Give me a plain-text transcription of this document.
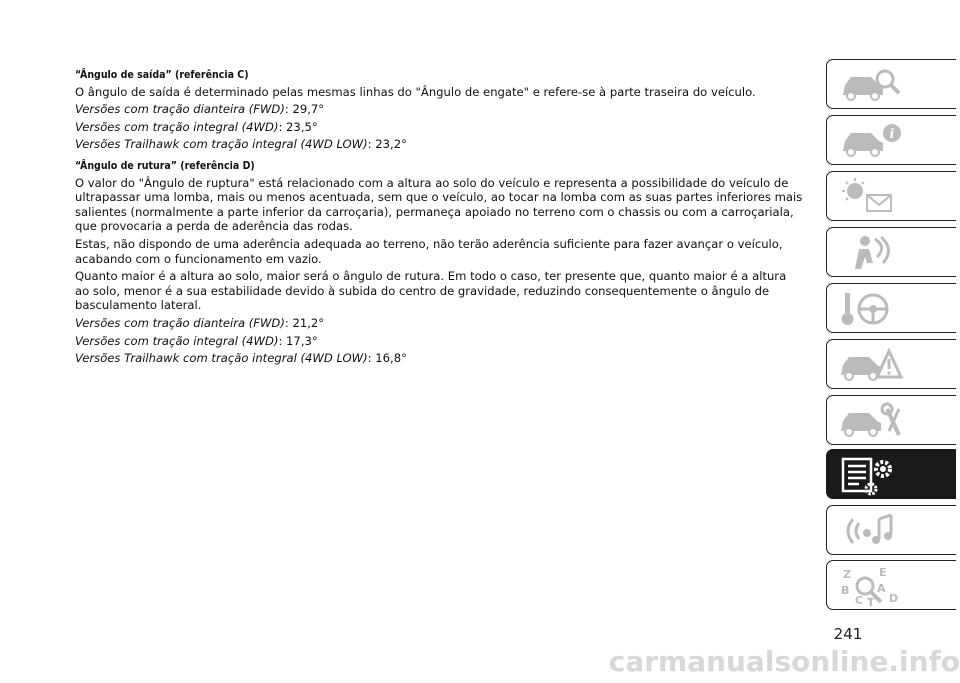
“Ângulo de saída” (referência C)
O ângulo de saída é determinado pelas mesmas linhas do "Ângulo de engate" e refere-se à parte traseira do veículo.
Versões com tração dianteira (FWD): 29,7°
Versões com tração integral (4WD): 23,5°
Versões Trailhawk com tração integral (4WD LOW): 23,2°
“Ângulo de rutura” (referência D)
O valor do "Ângulo de ruptura" está relacionado com a altura ao solo do veículo e representa a possibilidade do veículo de ultrapassar uma lomba, mais ou menos acentuada, sem que o veículo, ao tocar na lomba com as suas partes inferiores mais salientes (normalmente a parte inferior da carroçaria), permaneça apoiado no terreno com o chassis ou com a carroçariala, que provocaria a perda de aderência das rodas.
Estas, não dispondo de uma aderência adequada ao terreno, não terão aderência suficiente para fazer avançar o veículo, acabando com o funcionamento em vazio.
Quanto maior é a altura ao solo, maior será o ângulo de rutura. Em todo o caso, ter presente que, quanto maior é a altura ao solo, menor é a sua estabilidade devido à subida do centro de gravidade, reduzindo consequentemente o ângulo de basculamento lateral.
Versões com tração dianteira (FWD): 21,2°
Versões com tração integral (4WD): 17,3°
Versões Trailhawk com tração integral (4WD LOW): 16,8°
i
Z	E
B	A
C T D
241
carmanualsonline.info
